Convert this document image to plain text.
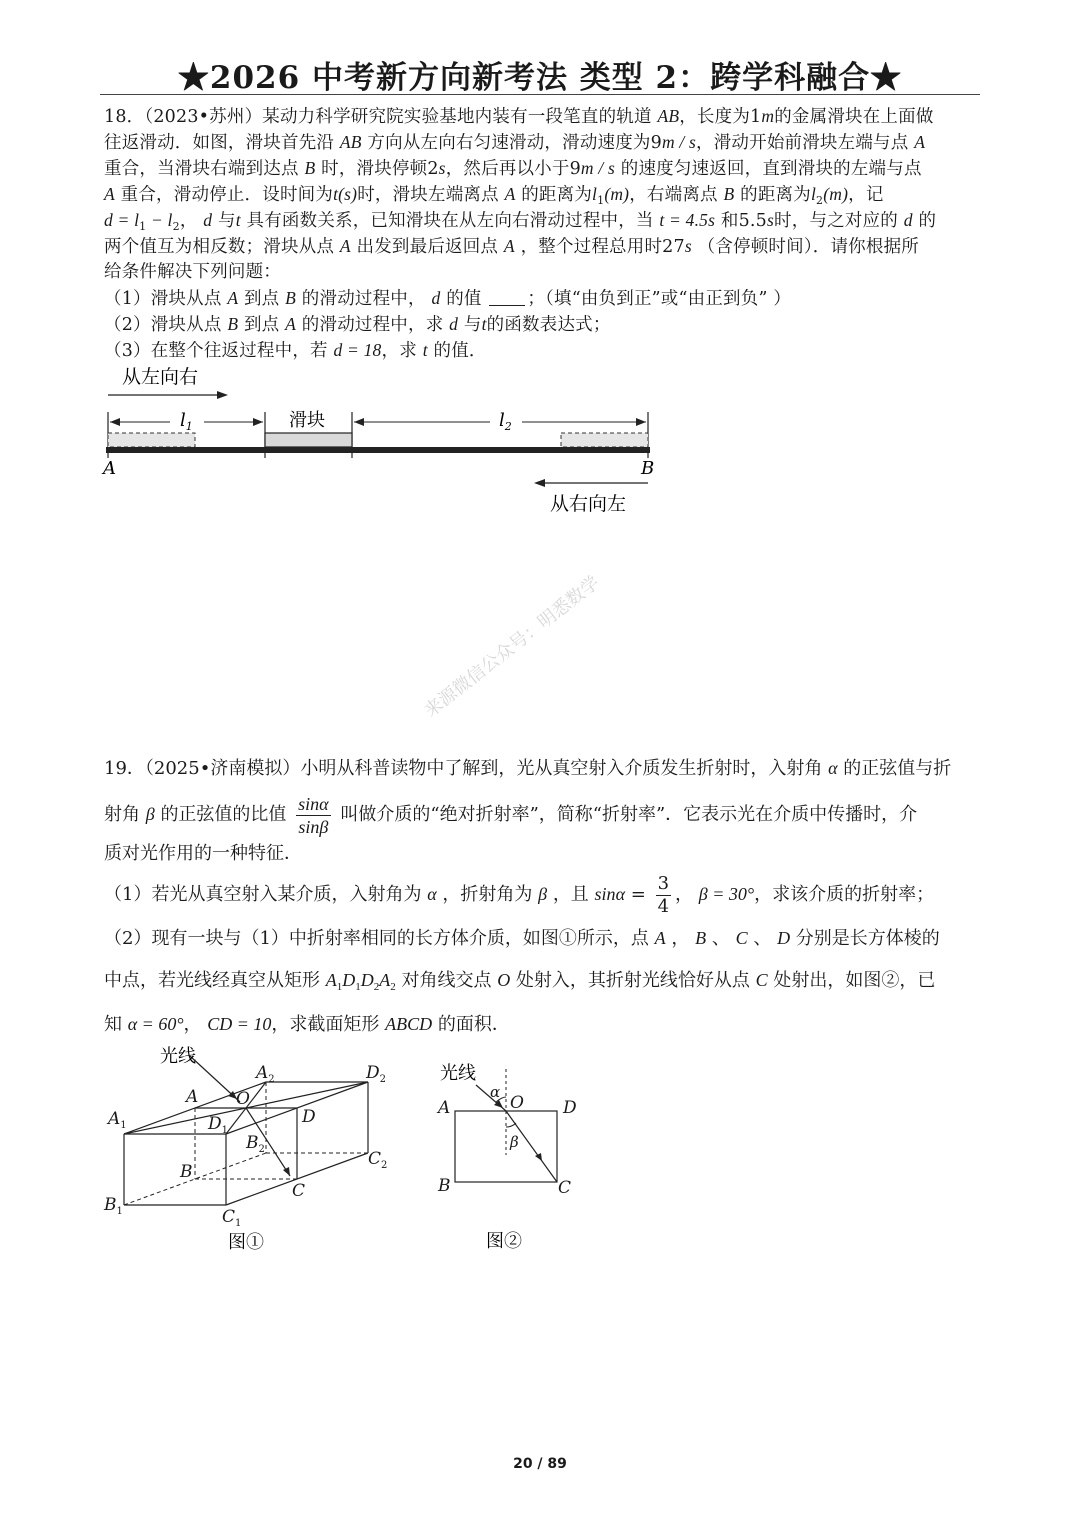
★2026 中考新方向新考法 类型 2：跨学科融合★
18．（2023•苏州）某动力科学研究院实验基地内装有一段笔直的轨道 AB，长度为1m的金属滑块在上面做
往返滑动．如图，滑块首先沿 AB 方向从左向右匀速滑动，滑动速度为9m / s，滑动开始前滑块左端与点 A
重合，当滑块右端到达点 B 时，滑块停顿2s，然后再以小于9m / s 的速度匀速返回，直到滑块的左端与点
A 重合，滑动停止．设时间为t(s)时，滑块左端离点 A 的距离为$l_1(m)$，右端离点 B 的距离为$l_2(m)$，记
$d = l_1 - l_2$， d 与t 具有函数关系，已知滑块在从左向右滑动过程中，当 t = 4.5s 和5.5s时，与之对应的 d 的
两个值互为相反数；滑块从点 A 出发到最后返回点 A ，整个过程总用时27s （含停顿时间）．请你根据所
给条件解决下列问题：
（1）滑块从点 A 到点 B 的滑动过程中， d 的值	；（填“由负到正”或“由正到负” ）
（2）滑块从点 B 到点 A 的滑动过程中，求 d 与t的函数表达式；
（3）在整个往返过程中，若 d = 18，求 t 的值．
从左向右
$l_1$	$l_2$
滑块
A	B
从右向左
来源微信公众号：明悉数学
19．（2025•济南模拟）小明从科普读物中了解到，光从真空射入介质发生折射时，入射角 α 的正弦值与折
射角 β 的正弦值的比值 $\frac{\sin\alpha}{\sin\beta}$ 叫做介质的“绝对折射率”，简称“折射率”．它表示光在介质中传播时，介
质对光作用的一种特征．
（1）若光从真空射入某介质，入射角为 α ，折射角为 β ，且 $\sin\alpha = \frac{3}{4}$ ， β = 30°，求该介质的折射率；
（2）现有一块与（1）中折射率相同的长方体介质，如图①所示，点 A ， B 、 C 、 D 分别是长方体棱的
中点，若光线经真空从矩形 $A_1D_1D_2A_2$ 对角线交点 O 处射入，其折射光线恰好从点 C 处射出，如图②，已
知 α = 60°， CD = 10，求截面矩形 ABCD 的面积．
光线
A
$A_1$
$A_2$
O
D
$D_1$
$D_2$
B
$B_1$
$B_2$
C
$C_1$
$C_2$
图①
光线
α
O
β
A	D
B	C
图②
20 / 89
